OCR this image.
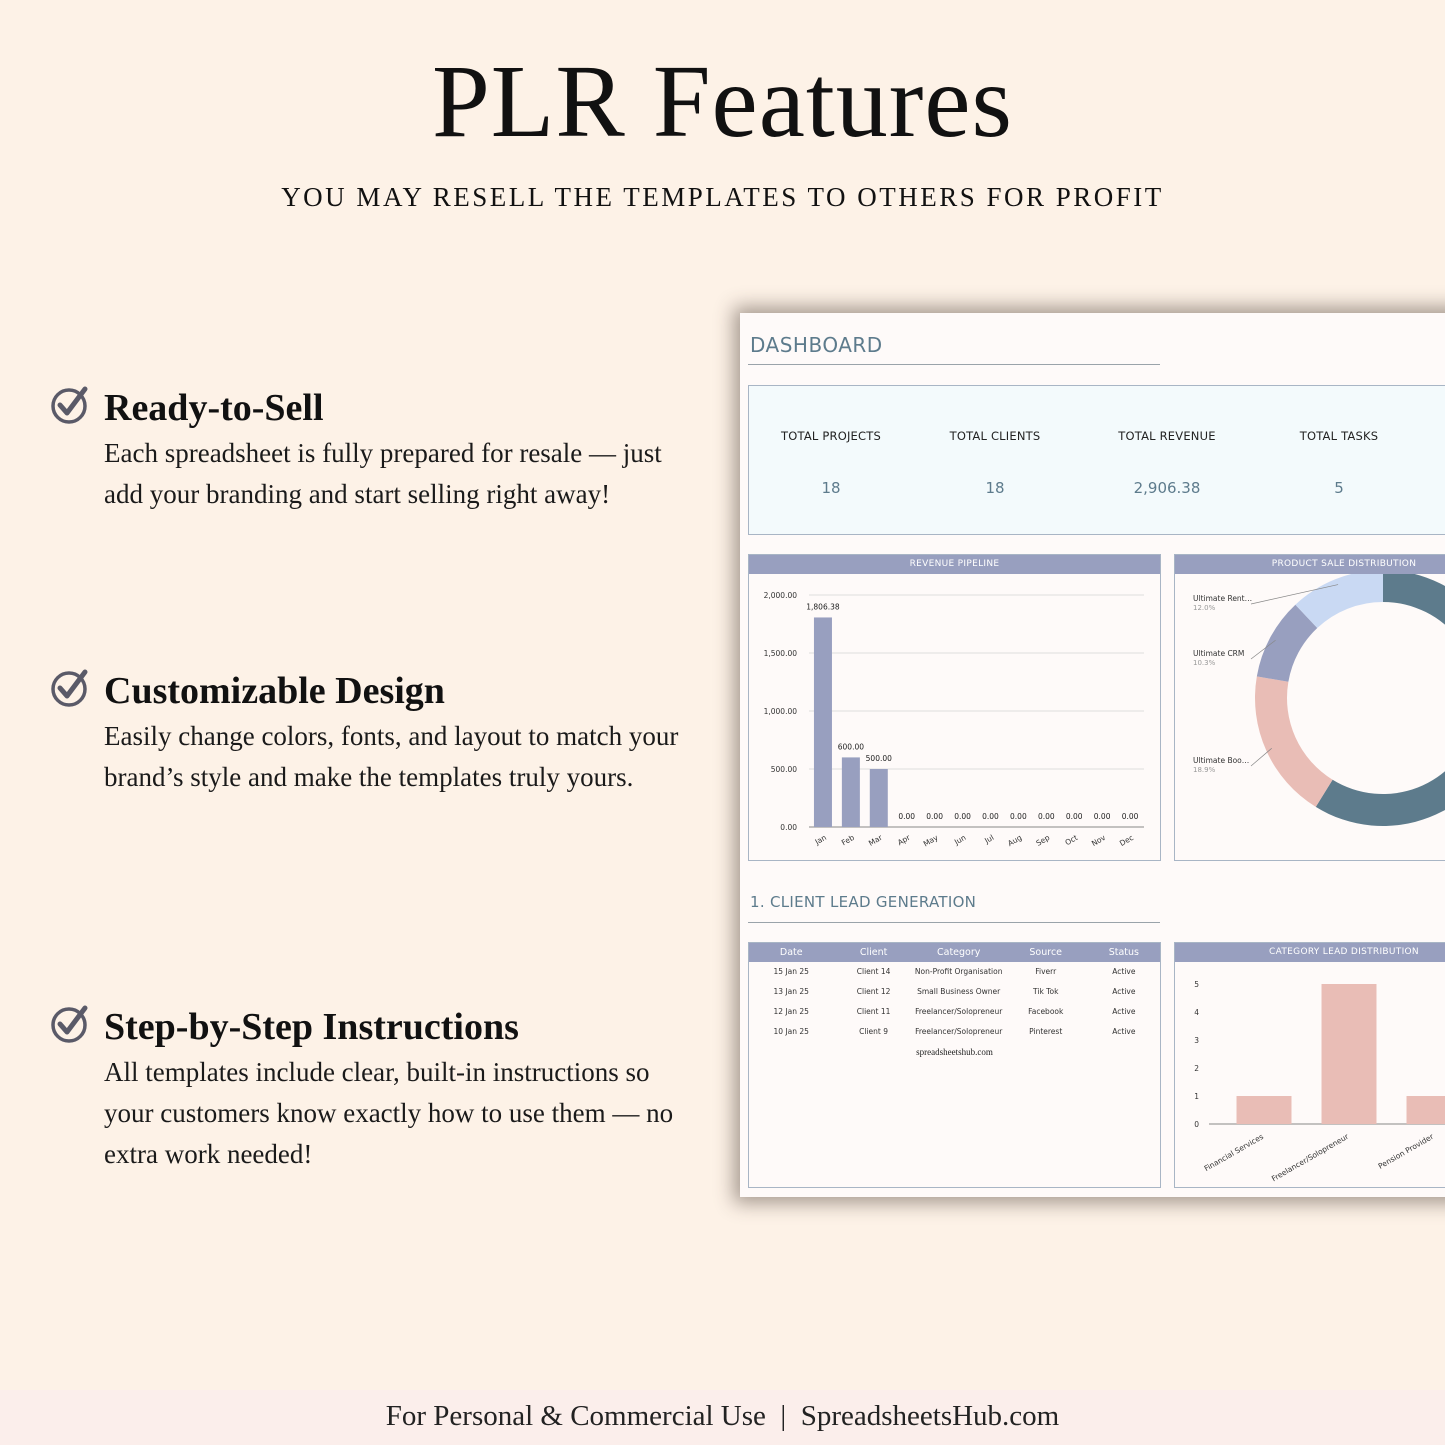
PLR Features
YOU MAY RESELL THE TEMPLATES TO OTHERS FOR PROFIT
Ready-to-Sell

Each spreadsheet is fully prepared for resale — just add your branding and start selling right away!

Customizable Design

Easily change colors, fonts, and layout to match your brand’s style and make the templates truly yours.

Step-by-Step Instructions

All templates include clear, built-in instructions so your customers know exactly how to use them — no extra work needed!

DASHBOARD
TOTAL PROJECTS
18
TOTAL CLIENTS
18
TOTAL REVENUE
2,906.38
TOTAL TASKS
5
REVENUE PIPELINE
0.00
500.00
1,000.00
1,500.00
2,000.00
1,806.38
Jan
600.00
Feb
500.00
Mar
0.00
Apr
0.00
May
0.00
Jun
0.00
Jul
0.00
Aug
0.00
Sep
0.00
Oct
0.00
Nov
0.00
Dec
PRODUCT SALE DISTRIBUTION
Ultimate Rent…
12.0%
Ultimate CRM
10.3%
Ultimate Boo…
18.9%
1. CLIENT LEAD GENERATION
Date	Client	Category	Source	Status
15 Jan 25	Client 14	Non-Profit Organisation	Fiverr	Active
13 Jan 25	Client 12	Small Business Owner	Tik Tok	Active
12 Jan 25	Client 11	Freelancer/Solopreneur	Facebook	Active
10 Jan 25	Client 9	Freelancer/Solopreneur	Pinterest	Active
spreadsheetshub.com
CATEGORY LEAD DISTRIBUTION
0
1
2
3
4
5
Financial Services Freelancer/Solopreneur	Pension Provider
For Personal & Commercial Use  |  SpreadsheetsHub.com
